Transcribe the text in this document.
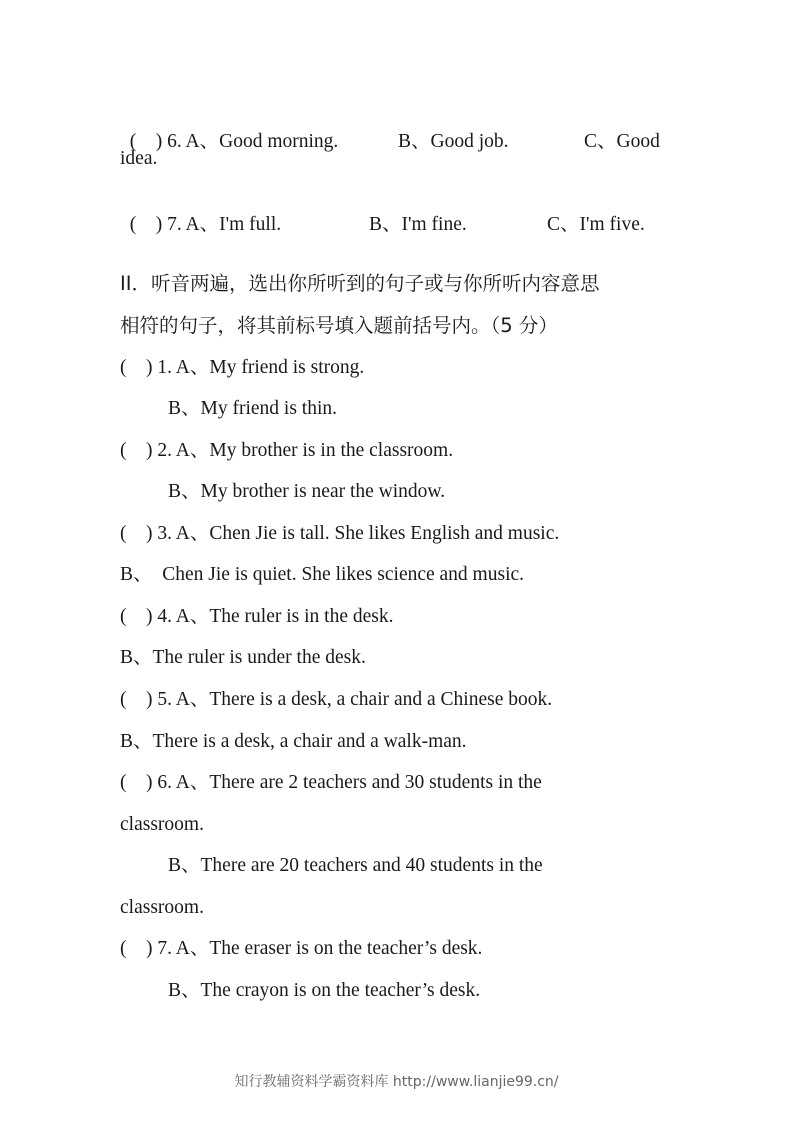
(    ) 6. A、Good morning.	B、Good job.	C、Good

idea.

(    ) 7. A、I'm full.	B、I'm fine.	C、I'm five.

II．听音两遍，选出你所听到的句子或与你所听内容意思
相符的句子，将其前标号填入题前括号内。（5 分）
(    ) 1. A、My friend is strong.
B、My friend is thin.
(    ) 2. A、My brother is in the classroom.
B、My brother is near the window.
(    ) 3. A、Chen Jie is tall. She likes English and music.
B、  Chen Jie is quiet. She likes science and music.
(    ) 4. A、The ruler is in the desk.
B、The ruler is under the desk.
(    ) 5. A、There is a desk, a chair and a Chinese book.
B、There is a desk, a chair and a walk-man.
(    ) 6. A、There are 2 teachers and 30 students in the
classroom.
B、There are 20 teachers and 40 students in the
classroom.
(    ) 7. A、The eraser is on the teacher’s desk.
B、The crayon is on the teacher’s desk.
知行教辅资料学霸资料库 http://www.lianjie99.cn/
